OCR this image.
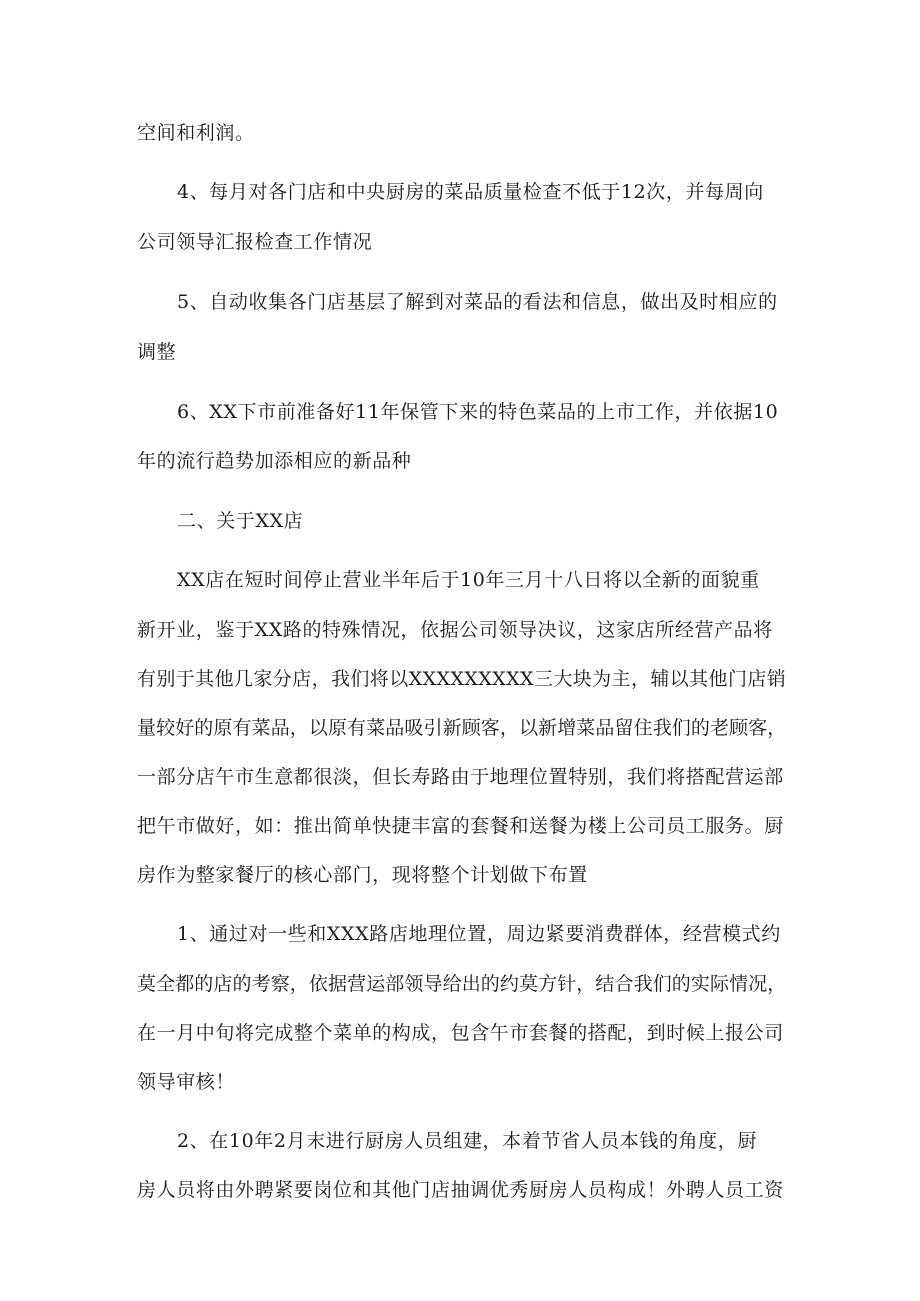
空间和利润。
4、每月对各门店和中央厨房的菜品质量检查不低于12次，并每周向
公司领导汇报检查工作情况
5、自动收集各门店基层了解到对菜品的看法和信息，做出及时相应的
调整
6、XX下市前准备好11年保管下来的特色菜品的上市工作，并依据10
年的流行趋势加添相应的新品种
二、关于XX店
XX店在短时间停止营业半年后于10年三月十八日将以全新的面貌重
新开业，鉴于XX路的特殊情况，依据公司领导决议，这家店所经营产品将
有别于其他几家分店，我们将以XXXXXXXXX三大块为主，辅以其他门店销
量较好的原有菜品，以原有菜品吸引新顾客，以新增菜品留住我们的老顾客，
一部分店午市生意都很淡，但长寿路由于地理位置特别，我们将搭配营运部
把午市做好，如：推出简单快捷丰富的套餐和送餐为楼上公司员工服务。厨
房作为整家餐厅的核心部门，现将整个计划做下布置
1、通过对一些和XXX路店地理位置，周边紧要消费群体，经营模式约
莫全都的店的考察，依据营运部领导给出的约莫方针，结合我们的实际情况，
在一月中旬将完成整个菜单的构成，包含午市套餐的搭配，到时候上报公司
领导审核！
2、在10年2月末进行厨房人员组建，本着节省人员本钱的角度，厨
房人员将由外聘紧要岗位和其他门店抽调优秀厨房人员构成！外聘人员工资
